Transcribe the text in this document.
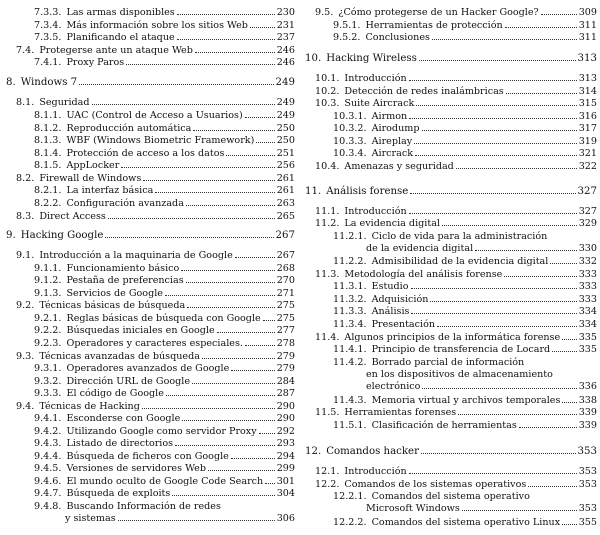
7.3.3. Las armas disponibles	230
7.3.4. Más información sobre los sitios Web	231
7.3.5. Planificando el ataque	237
7.4. Protegerse ante un ataque Web	246
7.4.1. Proxy Paros	246
8. Windows 7	249
8.1. Seguridad	249
8.1.1. UAC (Control de Acceso a Usuarios)	249
8.1.2. Reproducción automática	250
8.1.3. WBF (Windows Biometric Framework) 250
8.1.4. Protección de acceso a los datos	251
8.1.5. AppLocker	256
8.2. Firewall de Windows	261
8.2.1. La interfaz básica	261
8.2.2. Configuración avanzada	263
8.3. Direct Access	265
9. Hacking Google	267
9.1. Introducción a la maquinaria de Google	267
9.1.1. Funcionamiento básico	268
9.1.2. Pestaña de preferencias	270
9.1.3. Servicios de Google	271
9.2. Técnicas básicas de búsqueda	275
9.2.1. Reglas básicas de búsqueda con Google 275
9.2.2. Búsquedas iniciales en Google	277
9.2.3. Operadores y caracteres especiales.	278
9.3. Técnicas avanzadas de búsqueda	279
9.3.1. Operadores avanzados de Google	279
9.3.2. Dirección URL de Google	284
9.3.3. El código de Google	287
9.4. Técnicas de Hacking	290
9.4.1. Esconderse con Google	290
9.4.2. Utilizando Google como servidor Proxy 292
9.4.3. Listado de directorios	293
9.4.4. Búsqueda de ficheros con Google	294
9.4.5. Versiones de servidores Web	299
9.4.6. El mundo oculto de Google Code Search 301
9.4.7. Búsqueda de exploits	304
9.4.8. Buscando Información de redes
y sistemas	306
9.5. ¿Cómo protegerse de un Hacker Google?	309
9.5.1. Herramientas de protección	311
9.5.2. Conclusiones	311
10. Hacking Wireless	313
10.1. Introducción	313
10.2. Detección de redes inalámbricas	314
10.3. Suite Aircrack	315
10.3.1. Airmon	316
10.3.2. Airodump	317
10.3.3. Aireplay	319
10.3.4. Aircrack	321
10.4. Amenazas y seguridad	322
11. Análisis forense	327
11.1. Introducción	327
11.2. La evidencia digital	329
11.2.1. Ciclo de vida para la administración
de la evidencia digital	330
11.2.2. Admisibilidad de la evidencia digital	332
11.3. Metodología del análisis forense	333
11.3.1. Estudio	333
11.3.2. Adquisición	333
11.3.3. Análisis	334
11.3.4. Presentación	334
11.4. Algunos principios de la informática forense 335
11.4.1. Principio de transferencia de Locard	335
11.4.2. Borrado parcial de información
en los dispositivos de almacenamiento
electrónico	336
11.4.3. Memoria virtual y archivos temporales 338
11.5. Herramientas forenses	339
11.5.1. Clasificación de herramientas	339
12. Comandos hacker	353
12.1. Introducción	353
12.2. Comandos de los sistemas operativos	353
12.2.1. Comandos del sistema operativo
Microsoft Windows	353
12.2.2. Comandos del sistema operativo Linux 355
